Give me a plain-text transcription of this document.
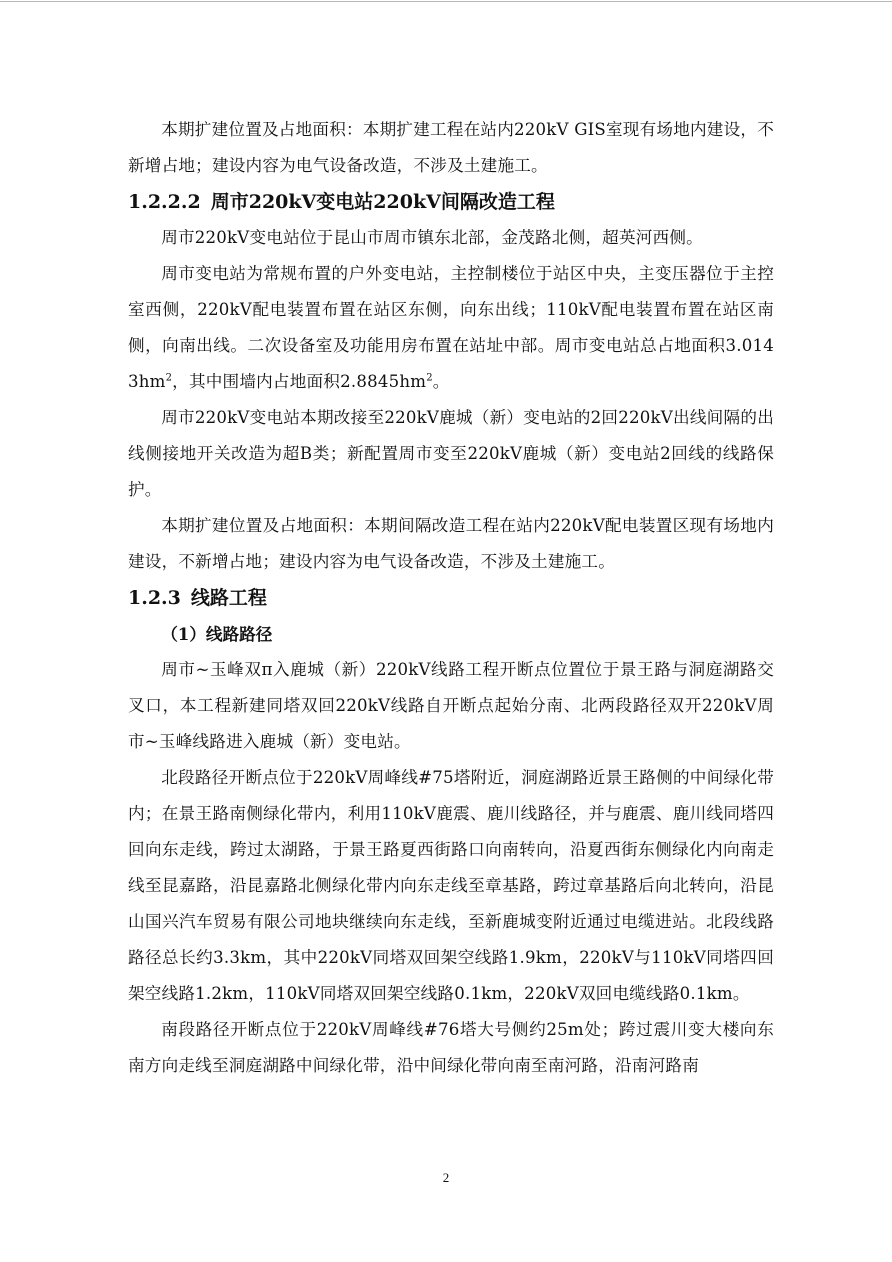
本期扩建位置及占地面积：本期扩建工程在站内220kV GIS室现有场地内建设，不新增占地；建设内容为电气设备改造，不涉及土建施工。

1.2.2.2 周市220kV变电站220kV间隔改造工程

周市220kV变电站位于昆山市周市镇东北部，金茂路北侧，超英河西侧。

周市变电站为常规布置的户外变电站，主控制楼位于站区中央，主变压器位于主控室西侧，220kV配电装置布置在站区东侧，向东出线；110kV配电装置布置在站区南侧，向南出线。二次设备室及功能用房布置在站址中部。周市变电站总占地面积$3.0143hm^2$，其中围墙内占地面积$2.8845hm^2$。

周市220kV变电站本期改接至220kV鹿城（新）变电站的2回220kV出线间隔的出线侧接地开关改造为超B类；新配置周市变至220kV鹿城（新）变电站2回线的线路保护。

本期扩建位置及占地面积：本期间隔改造工程在站内220kV配电装置区现有场地内建设，不新增占地；建设内容为电气设备改造，不涉及土建施工。

1.2.3 线路工程
（1）线路路径

周市~玉峰双π入鹿城（新）220kV线路工程开断点位置位于景王路与洞庭湖路交叉口，本工程新建同塔双回220kV线路自开断点起始分南、北两段路径双开220kV周市~玉峰线路进入鹿城（新）变电站。

北段路径开断点位于220kV周峰线#75塔附近，洞庭湖路近景王路侧的中间绿化带内；在景王路南侧绿化带内，利用110kV鹿震、鹿川线路径，并与鹿震、鹿川线同塔四回向东走线，跨过太湖路，于景王路夏西街路口向南转向，沿夏西街东侧绿化内向南走线至昆嘉路，沿昆嘉路北侧绿化带内向东走线至章基路，跨过章基路后向北转向，沿昆山国兴汽车贸易有限公司地块继续向东走线，至新鹿城变附近通过电缆进站。北段线路路径总长约3.3km，其中220kV同塔双回架空线路1.9km，220kV与110kV同塔四回架空线路1.2km，110kV同塔双回架空线路0.1km，220kV双回电缆线路0.1km。

南段路径开断点位于220kV周峰线#76塔大号侧约25m处；跨过震川变大楼向东南方向走线至洞庭湖路中间绿化带，沿中间绿化带向南至南河路，沿南河路南

2
